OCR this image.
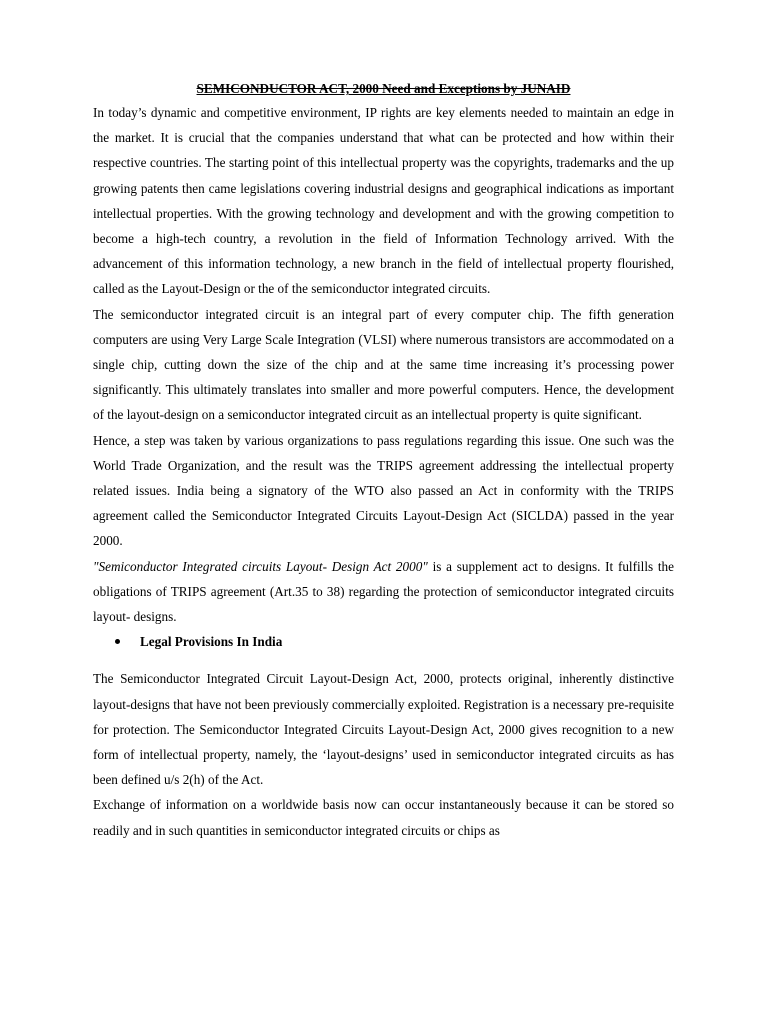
SEMICONDUCTOR ACT, 2000 Need and Exceptions by JUNAID

In today’s dynamic and competitive environment, IP rights are key elements needed to maintain an edge in the market. It is crucial that the companies understand that what can be protected and how within their respective countries. The starting point of this intellectual property was the copyrights, trademarks and the up growing patents then came legislations covering industrial designs and geographical indications as important intellectual properties. With the growing technology and development and with the growing competition to become a high-tech country, a revolution in the field of Information Technology arrived. With the advancement of this information technology, a new branch in the field of intellectual property flourished, called as the Layout-Design or the of the semiconductor integrated circuits.

The semiconductor integrated circuit is an integral part of every computer chip. The fifth generation computers are using Very Large Scale Integration (VLSI) where numerous transistors are accommodated on a single chip, cutting down the size of the chip and at the same time increasing it’s processing power significantly. This ultimately translates into smaller and more powerful computers. Hence, the development of the layout-design on a semiconductor integrated circuit as an intellectual property is quite significant.

Hence, a step was taken by various organizations to pass regulations regarding this issue. One such was the World Trade Organization, and the result was the TRIPS agreement addressing the intellectual property related issues. India being a signatory of the WTO also passed an Act in conformity with the TRIPS agreement called the Semiconductor Integrated Circuits Layout-Design Act (SICLDA) passed in the year 2000.

"Semiconductor Integrated circuits Layout- Design Act 2000" is a supplement act to designs. It fulfills the obligations of TRIPS agreement (Art.35 to 38) regarding the protection of semiconductor integrated circuits layout- designs.

Legal Provisions In India

The Semiconductor Integrated Circuit Layout-Design Act, 2000, protects original, inherently distinctive layout-designs that have not been previously commercially exploited. Registration is a necessary pre-requisite for protection. The Semiconductor Integrated Circuits Layout-Design Act, 2000 gives recognition to a new form of intellectual property, namely, the ‘layout-designs’ used in semiconductor integrated circuits as has been defined u/s 2(h) of the Act.

Exchange of information on a worldwide basis now can occur instantaneously because it can be stored so readily and in such quantities in semiconductor integrated circuits or chips as
